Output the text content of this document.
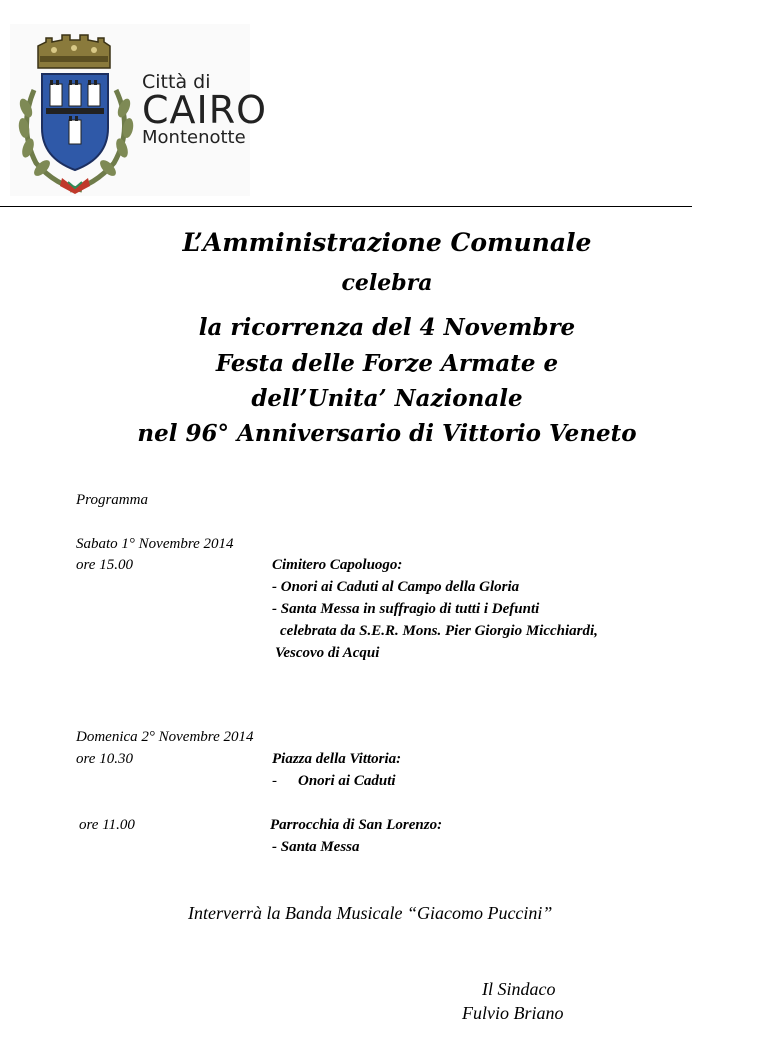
Città di
CAIRO
Montenotte
L’Amministrazione Comunale
celebra
la ricorrenza del 4 Novembre
Festa delle Forze Armate e
dell’Unita’ Nazionale
nel 96° Anniversario di Vittorio Veneto
Programma
Sabato 1° Novembre 2014
ore 15.00	Cimitero Capoluogo:
- Onori ai Caduti al Campo della Gloria
- Santa Messa in suffragio di tutti i Defunti
celebrata da S.E.R. Mons. Pier Giorgio Micchiardi,
Vescovo di Acqui
Domenica 2° Novembre 2014
ore 10.30	Piazza della Vittoria:
- Onori ai Caduti
ore 11.00	Parrocchia di San Lorenzo:
- Santa Messa
Interverrà la Banda Musicale “Giacomo Puccini”
Il Sindaco
Fulvio Briano
